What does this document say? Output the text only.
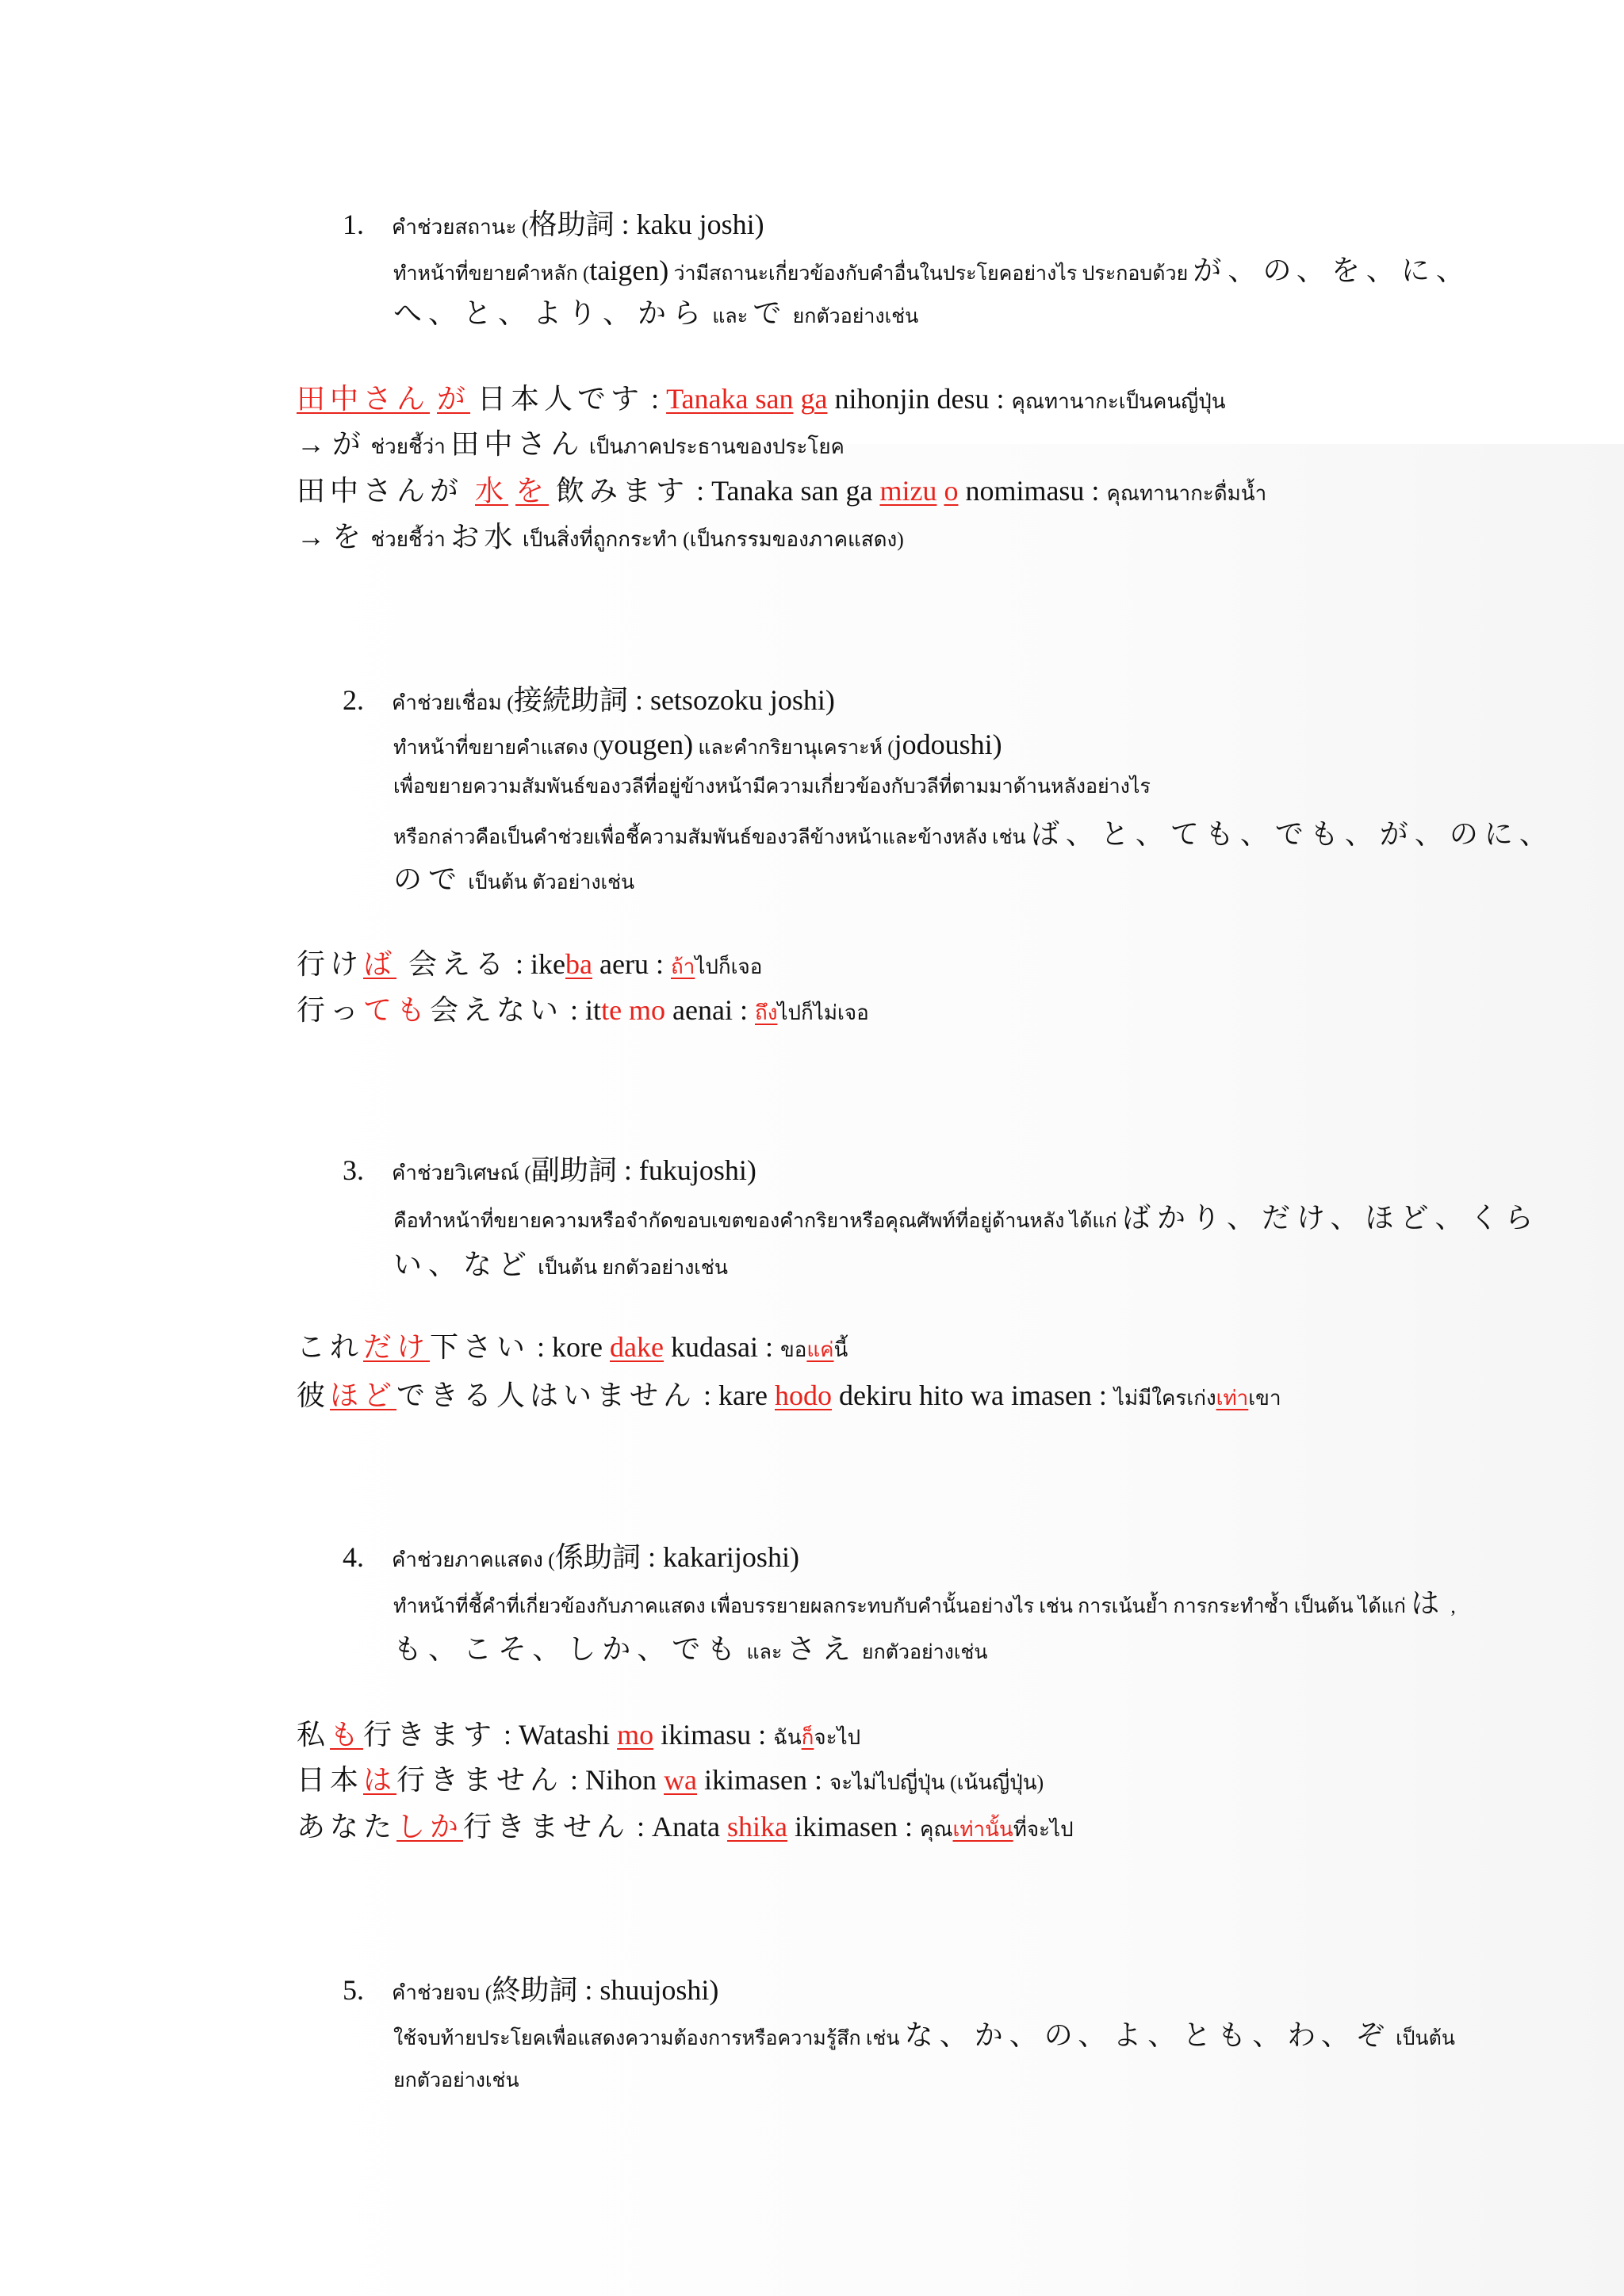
1. คำช่วยสถานะ (格助詞 : kaku joshi)
ทำหน้าที่ขยายคำหลัก (taigen) ว่ามีสถานะเกี่ยวข้องกับคำอื่นในประโยคอย่างไร ประกอบด้วย が、の、を、に、
へ、と、より、から และ で ยกตัวอย่างเช่น
田中さん が 日本人です : Tanaka san ga nihonjin desu : คุณทานากะเป็นคนญี่ปุ่น
→ が ช่วยชี้ว่า 田中さん เป็นภาคประธานของประโยค
田中さんが 水 を 飲みます : Tanaka san ga mizu o nomimasu : คุณทานากะดื่มน้ำ
→ を ช่วยชี้ว่า お水 เป็นสิ่งที่ถูกกระทำ (เป็นกรรมของภาคแสดง)
2. คำช่วยเชื่อม (接続助詞 : setsozoku joshi)
ทำหน้าที่ขยายคำแสดง (yougen) และคำกริยานุเคราะห์ (jodoushi)
เพื่อขยายความสัมพันธ์ของวลีที่อยู่ข้างหน้ามีความเกี่ยวข้องกับวลีที่ตามมาด้านหลังอย่างไร
หรือกล่าวคือเป็นคำช่วยเพื่อชี้ความสัมพันธ์ของวลีข้างหน้าและข้างหลัง เช่น ば、と、ても、でも、が、のに、
ので เป็นต้น ตัวอย่างเช่น
行けば 会える : ikeba aeru : ถ้าไปก็เจอ
行っても会えない : itte mo aenai : ถึงไปก็ไม่เจอ
3. คำช่วยวิเศษณ์ (副助詞 : fukujoshi)
คือทำหน้าที่ขยายความหรือจำกัดขอบเขตของคำกริยาหรือคุณศัพท์ที่อยู่ด้านหลัง ได้แก่ ばかり、だけ、ほど、くら
い、など เป็นต้น ยกตัวอย่างเช่น
これだけ下さい : kore dake kudasai : ขอแค่นี้
彼ほどできる人はいません : kare hodo dekiru hito wa imasen : ไม่มีใครเก่งเท่าเขา
4. คำช่วยภาคแสดง (係助詞 : kakarijoshi)
ทำหน้าที่ชี้คำที่เกี่ยวข้องกับภาคแสดง เพื่อบรรยายผลกระทบกับคำนั้นอย่างไร เช่น การเน้นย้ำ การกระทำซ้ำ เป็นต้น ได้แก่ は ,
も、こそ、しか、でも และ さえ ยกตัวอย่างเช่น
私も行きます : Watashi mo ikimasu : ฉันก็จะไป
日本は行きません : Nihon wa ikimasen : จะไม่ไปญี่ปุ่น (เน้นญี่ปุ่น)
あなたしか行きません : Anata shika ikimasen : คุณเท่านั้นที่จะไป
5. คำช่วยจบ (終助詞 : shuujoshi)
ใช้จบท้ายประโยคเพื่อแสดงความต้องการหรือความรู้สึก เช่น な、か、の、よ、とも、わ、ぞ เป็นต้น
ยกตัวอย่างเช่น
